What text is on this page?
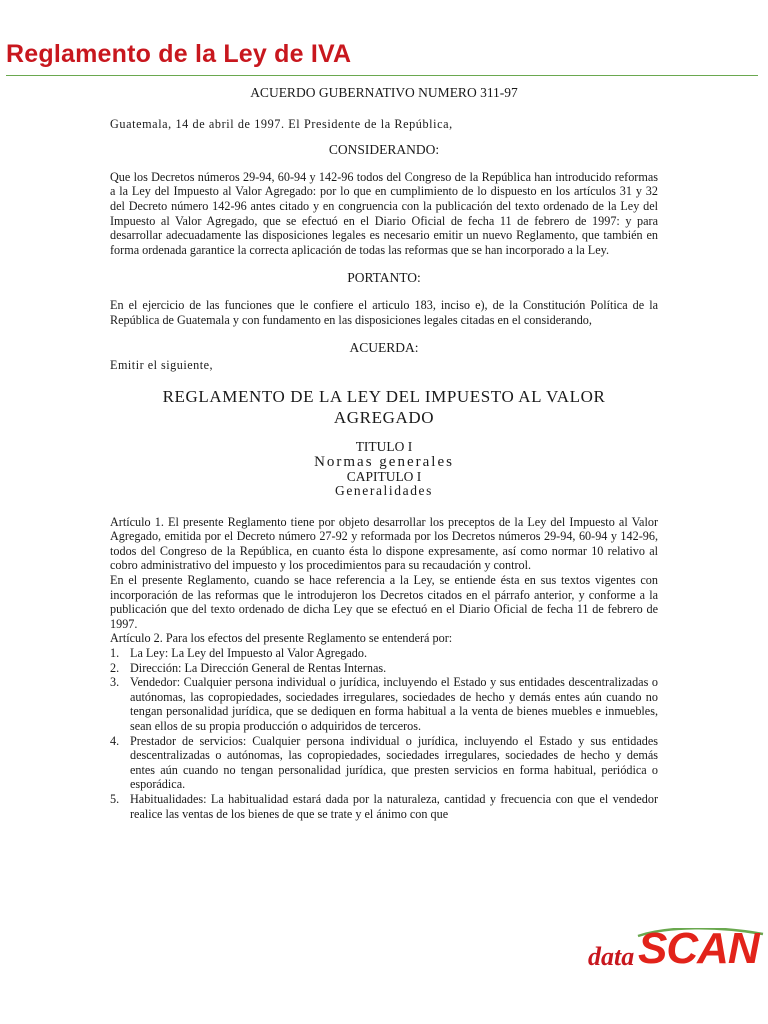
Reglamento de la Ley de IVA

ACUERDO GUBERNATIVO NUMERO 311-97

Guatemala, 14 de abril de 1997. El Presidente de la República,

CONSIDERANDO:

Que los Decretos números 29-94, 60-94 y 142-96 todos del Congreso de la República han introducido reformas a la Ley del Impuesto al Valor Agregado: por lo que en cumplimiento de lo dispuesto en los artículos 31 y 32 del Decreto número 142-96 antes citado y en congruencia con la publicación del texto ordenado de la Ley del Impuesto al Valor Agregado, que se efectuó en el Diario Oficial de fecha 11 de febrero de 1997: y para desarrollar adecuadamente las disposiciones legales es necesario emitir un nuevo Reglamento, que también en forma ordenada garantice la correcta aplicación de todas las reformas que se han incorporado a la Ley.

PORTANTO:

En el ejercicio de las funciones que le confiere el articulo 183, inciso e), de la Constitución Política de la República de Guatemala y con fundamento en las disposiciones legales citadas en el considerando,

ACUERDA:

Emitir el siguiente,

REGLAMENTO DE LA LEY DEL IMPUESTO AL VALOR AGREGADO

TITULO I

Normas generales

CAPITULO I

Generalidades

Artículo 1. El presente Reglamento tiene por objeto desarrollar los preceptos de la Ley del Impuesto al Valor Agregado, emitida por el Decreto número 27-92 y reformada por los Decretos números 29-94, 60-94 y 142-96, todos del Congreso de la República, en cuanto ésta lo dispone expresamente, así como normar 10 relativo al cobro administrativo del impuesto y los procedimientos para su recaudación y control.

En el presente Reglamento, cuando se hace referencia a la Ley, se entiende ésta en sus textos vigentes con incorporación de las reformas que le introdujeron los Decretos citados en el párrafo anterior, y conforme a la publicación que del texto ordenado de dicha Ley que se efectuó en el Diario Oficial de fecha 11 de febrero de 1997.

Artículo 2. Para los efectos del presente Reglamento se entenderá por:

1. La Ley: La Ley del Impuesto al Valor Agregado.
2. Dirección: La Dirección General de Rentas Internas.
3. Vendedor: Cualquier persona individual o jurídica, incluyendo el Estado y sus entidades descentralizadas o autónomas, las copropiedades, sociedades irregulares, sociedades de hecho y demás entes aún cuando no tengan personalidad jurídica, que se dediquen en forma habitual a la venta de bienes muebles e inmuebles, sean ellos de su propia producción o adquiridos de terceros.
4. Prestador de servicios: Cualquier persona individual o jurídica, incluyendo el Estado y sus entidades descentralizadas o autónomas, las copropiedades, sociedades irregulares, sociedades de hecho y demás entes aún cuando no tengan personalidad jurídica, que presten servicios en forma habitual, periódica o esporádica.
5. Habitualidades: La habitualidad estará dada por la naturaleza, cantidad y frecuencia con que el vendedor realice las ventas de los bienes de que se trate y el ánimo con que
data SCAN
